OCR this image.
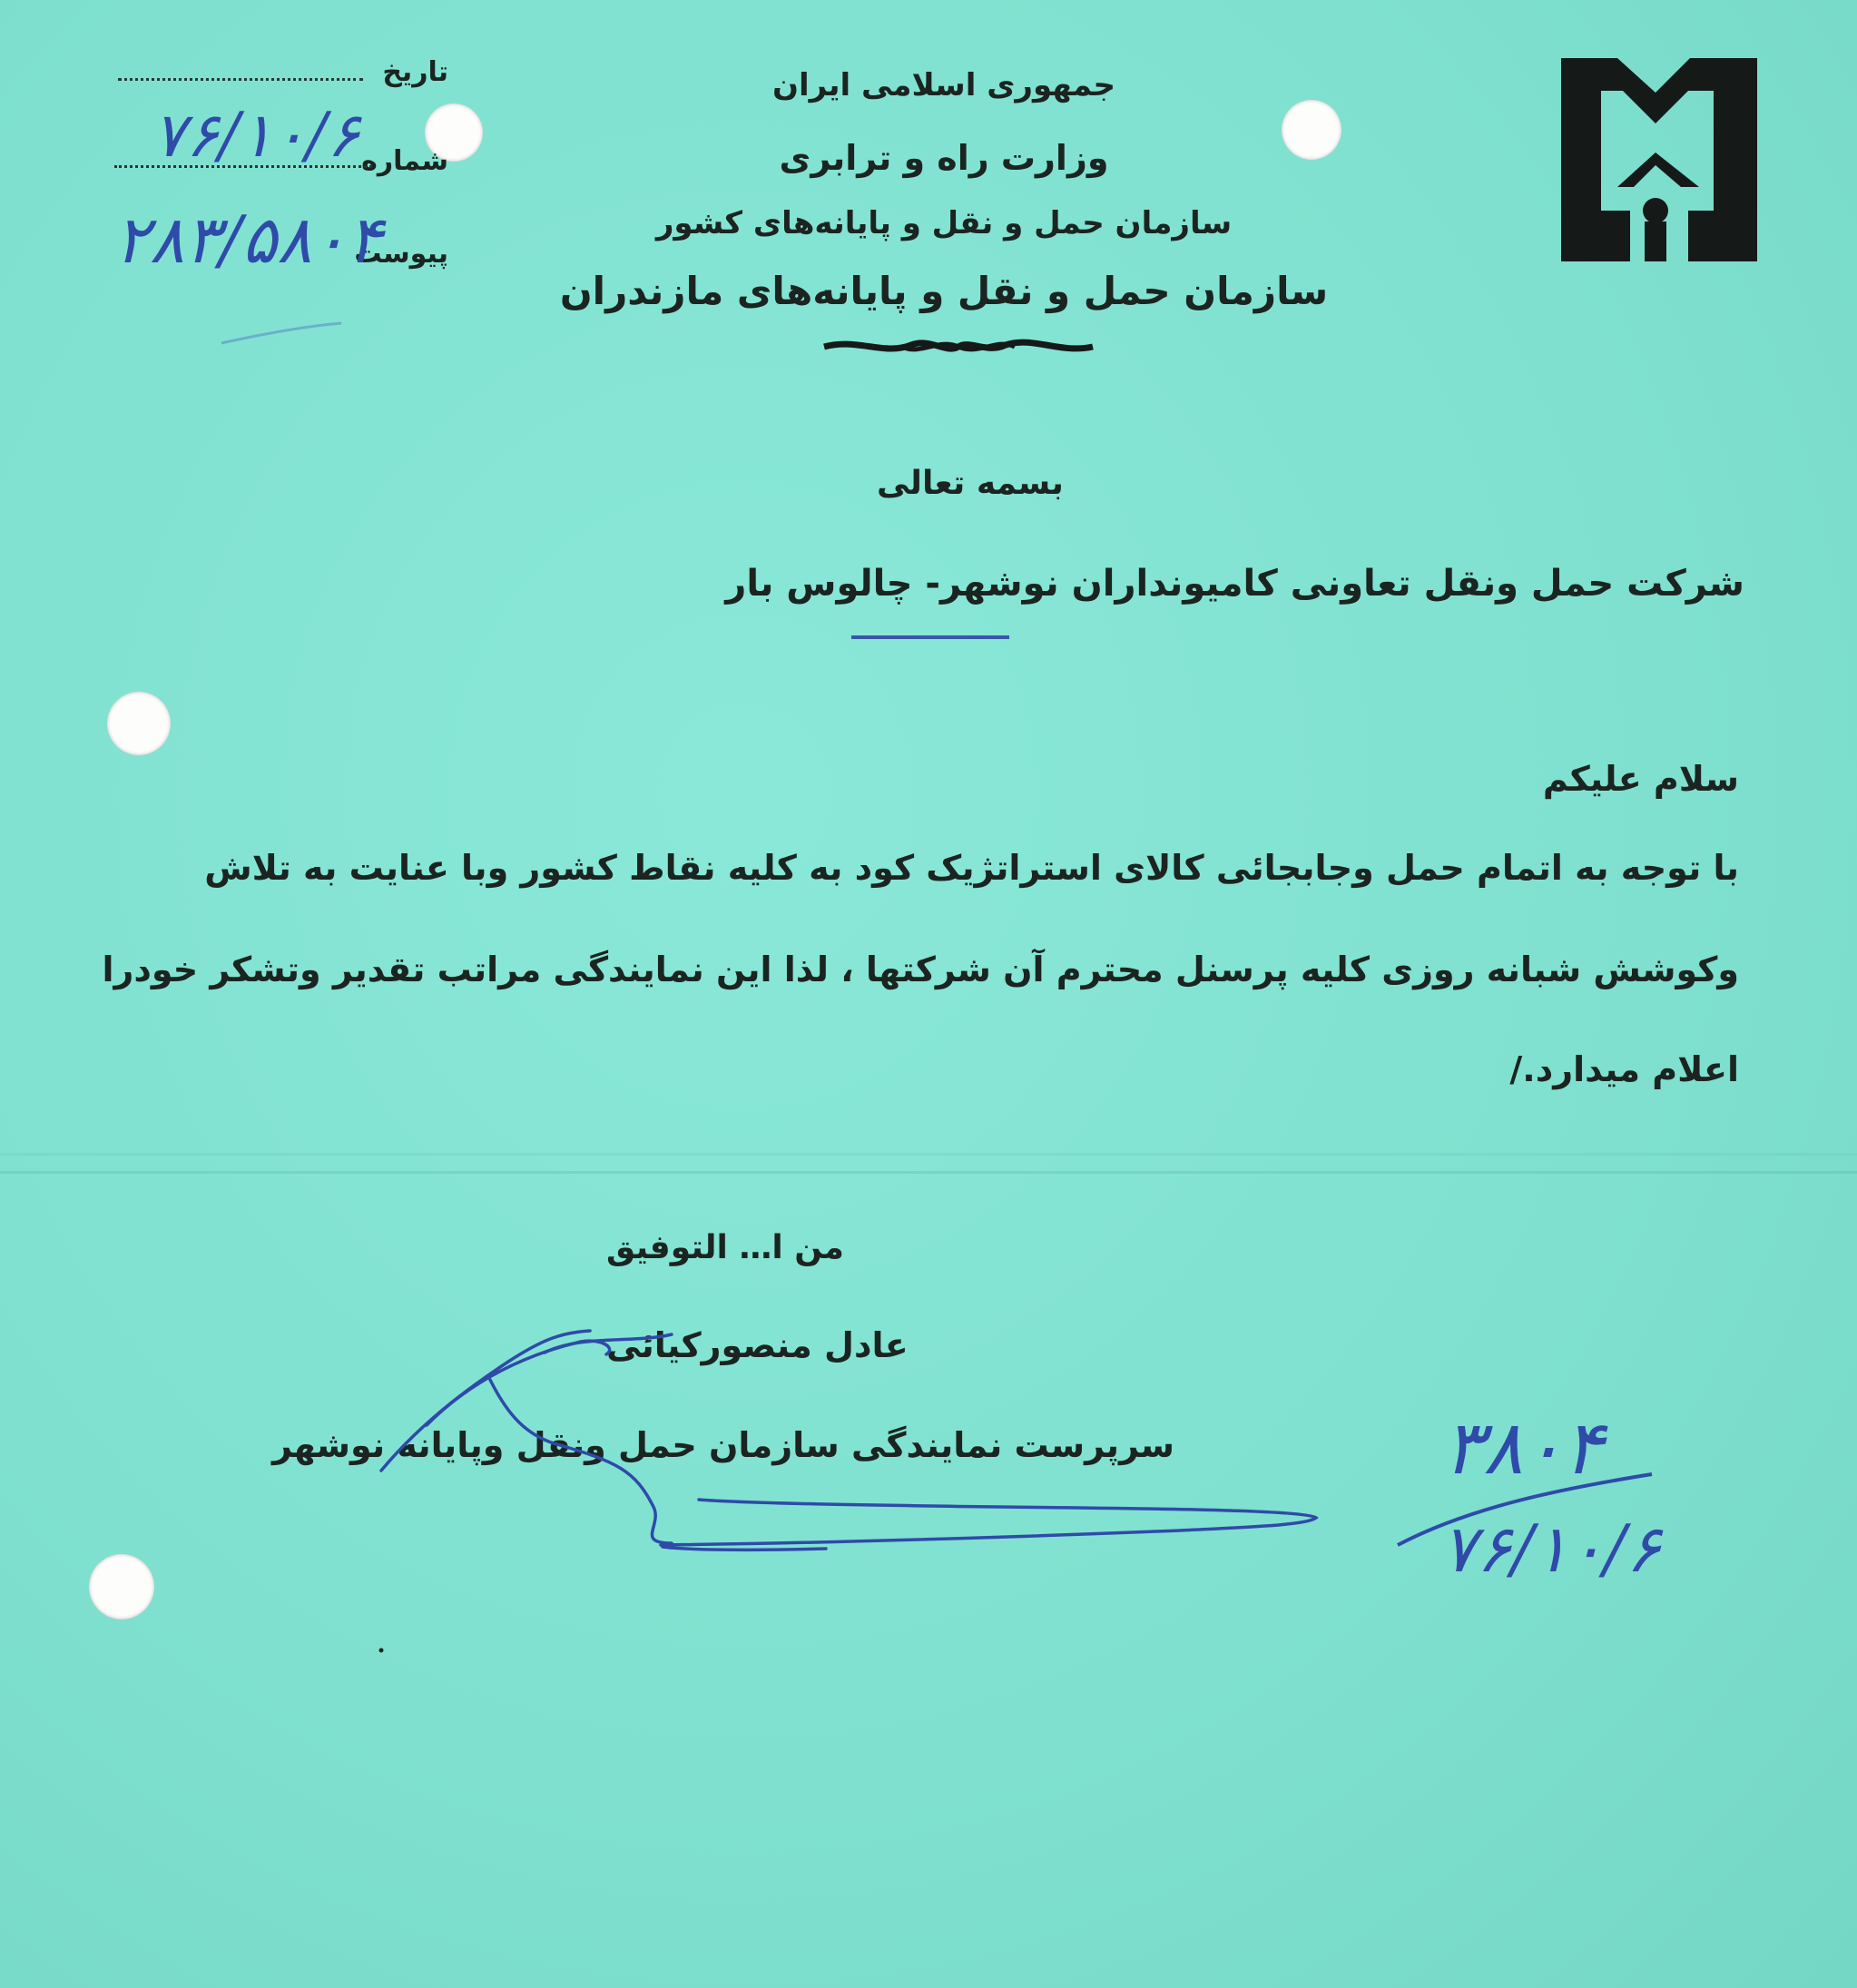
جمهوری اسلامی ایران
وزارت راه و ترابری
سازمان حمل و نقل و پایانه‌های کشور
سازمان حمل و نقل و پایانه‌های مازندران
تاریخ
شماره
۷۶/۱۰/۶
پیوست
۲۸۳/۵۸۰۴
بسمه تعالی
شرکت حمل ونقل تعاونی کامیونداران نوشهر- چالوس بار
سلام علیکم
با توجه به اتمام حمل وجابجائی کالای استراتژیک کود به کلیه نقاط کشور وبا عنایت به تلاش
وکوشش شبانه روزی کلیه پرسنل محترم آن شرکتها ، لذا این نمایندگی مراتب تقدیر وتشکر خودرا
اعلام میدارد./
من ا… التوفیق
عادل منصورکیائی
سرپرست نمایندگی سازمان حمل ونقل وپایانه نوشهر	۳۸۰۴
۷۶/۱۰/۶
